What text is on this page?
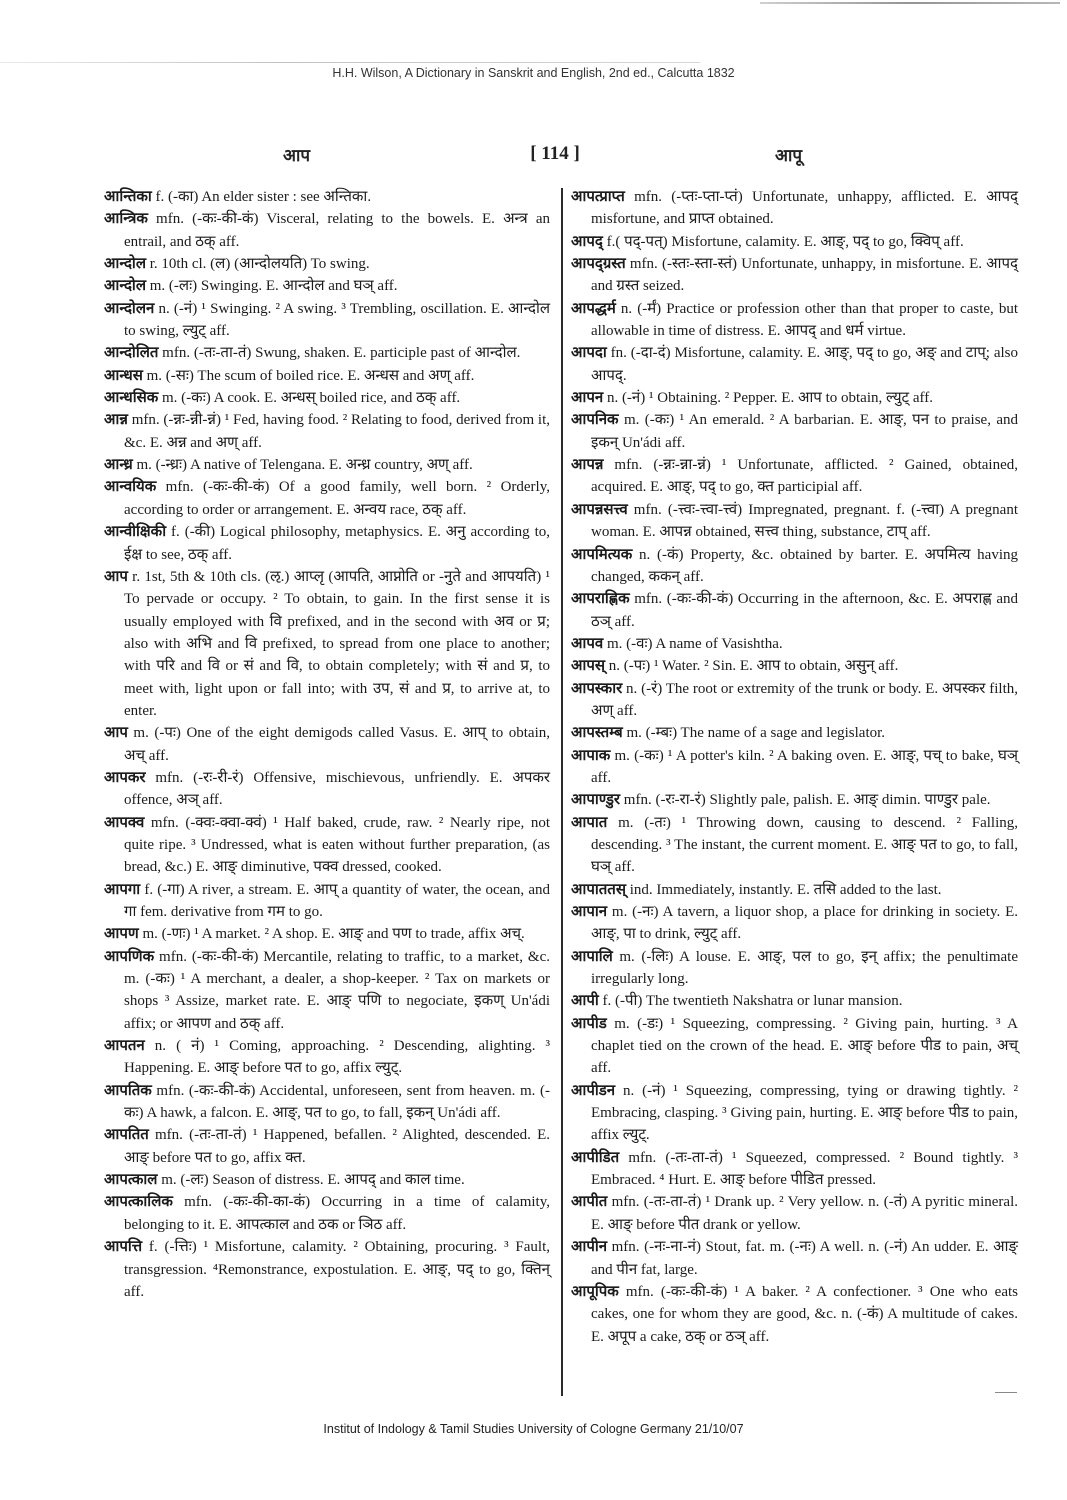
H.H. Wilson, A Dictionary in Sanskrit and English, 2nd ed., Calcutta 1832
आप	[ 114 ]	आपू

आन्तिका f. (-का) An elder sister : see अन्तिका.

आन्त्रिक mfn. (-कः-की-कं) Visceral, relating to the bowels. E. अन्त्र an entrail, and ठक् aff.

आन्दोल r. 10th cl. (ल) (आन्दोलयति) To swing.

आन्दोल m. (-लः) Swinging. E. आन्दोल and घञ् aff.

आन्दोलन n. (-नं) ¹ Swinging. ² A swing. ³ Trembling, oscillation. E. आन्दोल to swing, ल्युट् aff.

आन्दोलित mfn. (-तः-ता-तं) Swung, shaken. E. participle past of आन्दोल.

आन्धस m. (-सः) The scum of boiled rice. E. अन्धस and अण् aff.

आन्धसिक m. (-कः) A cook. E. अन्धस् boiled rice, and ठक् aff.

आन्न mfn. (-न्नः-न्नी-न्नं) ¹ Fed, having food. ² Relating to food, derived from it, &c. E. अन्न and अण् aff.

आन्ध्र m. (-न्ध्रः) A native of Telengana. E. अन्ध्र country, अण् aff.

आन्वयिक mfn. (-कः-की-कं) Of a good family, well born. ² Orderly, according to order or arrangement. E. अन्वय race, ठक् aff.

आन्वीक्षिकी f. (-की) Logical philosophy, metaphysics. E. अनु according to, ईक्ष to see, ठक् aff.

आप r. 1st, 5th & 10th cls. (ऌ.) आप्लृ (आपति, आप्नोति or -नुते and आपयति) ¹ To pervade or occupy. ² To obtain, to gain. In the first sense it is usually employed with वि prefixed, and in the second with अव or प्र; also with अभि and वि prefixed, to spread from one place to another; with परि and वि or सं and वि, to obtain completely; with सं and प्र, to meet with, light upon or fall into; with उप, सं and प्र, to arrive at, to enter.

आप m. (-पः) One of the eight demigods called Vasus. E. आप् to obtain, अच् aff.

आपकर mfn. (-रः-री-रं) Offensive, mischievous, unfriendly. E. अपकर offence, अञ् aff.

आपक्व mfn. (-क्वः-क्वा-क्वं) ¹ Half baked, crude, raw. ² Nearly ripe, not quite ripe. ³ Undressed, what is eaten without further preparation, (as bread, &c.) E. आङ् diminutive, पक्व dressed, cooked.

आपगा f. (-गा) A river, a stream. E. आप् a quantity of water, the ocean, and गा fem. derivative from गम to go.

आपण m. (-णः) ¹ A market. ² A shop. E. आङ् and पण to trade, affix अच्.

आपणिक mfn. (-कः-की-कं) Mercantile, relating to traffic, to a market, &c. m. (-कः) ¹ A merchant, a dealer, a shop-keeper. ² Tax on markets or shops ³ Assize, market rate. E. आङ् पणि to negociate, इकण् Un'ádi affix; or आपण and ठक् aff.

आपतन n. ( नं) ¹ Coming, approaching. ² Descending, alighting. ³ Happening. E. आङ् before पत to go, affix ल्युट्.

आपतिक mfn. (-कः-की-कं) Accidental, unforeseen, sent from heaven. m. (-कः) A hawk, a falcon. E. आङ्, पत to go, to fall, इकन् Un'ádi aff.

आपतित mfn. (-तः-ता-तं) ¹ Happened, befallen. ² Alighted, descended. E. आङ् before पत to go, affix क्त.

आपत्काल m. (-लः) Season of distress. E. आपद् and काल time.

आपत्कालिक mfn. (-कः-की-का-कं) Occurring in a time of calamity, belonging to it. E. आपत्काल and ठक or ञिठ aff.

आपत्ति f. (-त्तिः) ¹ Misfortune, calamity. ² Obtaining, procuring. ³ Fault, transgression. ⁴Remonstrance, expostulation. E. आङ्, पद् to go, क्तिन् aff.

आपत्प्राप्त mfn. (-प्तः-प्ता-प्तं) Unfortunate, unhappy, afflicted. E. आपद् misfortune, and प्राप्त obtained.

आपद् f.( पद्-पत्) Misfortune, calamity. E. आङ्, पद् to go, क्विप् aff.

आपद्ग्रस्त mfn. (-स्तः-स्ता-स्तं) Unfortunate, unhappy, in misfortune. E. आपद् and ग्रस्त seized.

आपद्धर्म n. (-र्मं) Practice or profession other than that proper to caste, but allowable in time of distress. E. आपद् and धर्म virtue.

आपदा fn. (-दा-दं) Misfortune, calamity. E. आङ्, पद् to go, अङ् and टाप्; also आपद्.

आपन n. (-नं) ¹ Obtaining. ² Pepper. E. आप to obtain, ल्युट् aff.

आपनिक m. (-कः) ¹ An emerald. ² A barbarian. E. आङ्, पन to praise, and इकन् Un'ádi aff.

आपन्न mfn. (-न्नः-न्ना-न्नं) ¹ Unfortunate, afflicted. ² Gained, obtained, acquired. E. आङ्, पद् to go, क्त participial aff.

आपन्नसत्त्व mfn. (-त्त्वः-त्त्वा-त्त्वं) Impregnated, pregnant. f. (-त्त्वा) A pregnant woman. E. आपन्न obtained, सत्त्व thing, substance, टाप् aff.

आपमित्यक n. (-कं) Property, &c. obtained by barter. E. अपमित्य having changed, ककन् aff.

आपराह्णिक mfn. (-कः-की-कं) Occurring in the afternoon, &c. E. अपराह्ण and ठञ् aff.

आपव m. (-वः) A name of Vasishtha.

आपस् n. (-पः) ¹ Water. ² Sin. E. आप to obtain, असुन् aff.

आपस्कार n. (-रं) The root or extremity of the trunk or body. E. अपस्कर filth, अण् aff.

आपस्तम्ब m. (-म्बः) The name of a sage and legislator.

आपाक m. (-कः) ¹ A potter's kiln. ² A baking oven. E. आङ्, पच् to bake, घञ् aff.

आपाण्डुर mfn. (-रः-रा-रं) Slightly pale, palish. E. आङ् dimin. पाण्डुर pale.

आपात m. (-तः) ¹ Throwing down, causing to descend. ² Falling, descending. ³ The instant, the current moment. E. आङ् पत to go, to fall, घञ् aff.

आपाततस् ind. Immediately, instantly. E. तसि added to the last.

आपान m. (-नः) A tavern, a liquor shop, a place for drinking in society. E. आङ्, पा to drink, ल्युट् aff.

आपालि m. (-लिः) A louse. E. आङ्, पल to go, इन् affix; the penultimate irregularly long.

आपी f. (-पी) The twentieth Nakshatra or lunar mansion.

आपीड m. (-डः) ¹ Squeezing, compressing. ² Giving pain, hurting. ³ A chaplet tied on the crown of the head. E. आङ् before पीड to pain, अच् aff.

आपीडन n. (-नं) ¹ Squeezing, compressing, tying or drawing tightly. ² Embracing, clasping. ³ Giving pain, hurting. E. आङ् before पीड to pain, affix ल्युट्.

आपीडित mfn. (-तः-ता-तं) ¹ Squeezed, compressed. ² Bound tightly. ³ Embraced. ⁴ Hurt. E. आङ् before पीडित pressed.

आपीत mfn. (-तः-ता-तं) ¹ Drank up. ² Very yellow. n. (-तं) A pyritic mineral. E. आङ् before पीत drank or yellow.

आपीन mfn. (-नः-ना-नं) Stout, fat. m. (-नः) A well. n. (-नं) An udder. E. आङ् and पीन fat, large.

आपूपिक mfn. (-कः-की-कं) ¹ A baker. ² A confectioner. ³ One who eats cakes, one for whom they are good, &c. n. (-कं) A multitude of cakes. E. अपूप a cake, ठक् or ठञ् aff.

Institut of Indology & Tamil Studies University of Cologne Germany 21/10/07
